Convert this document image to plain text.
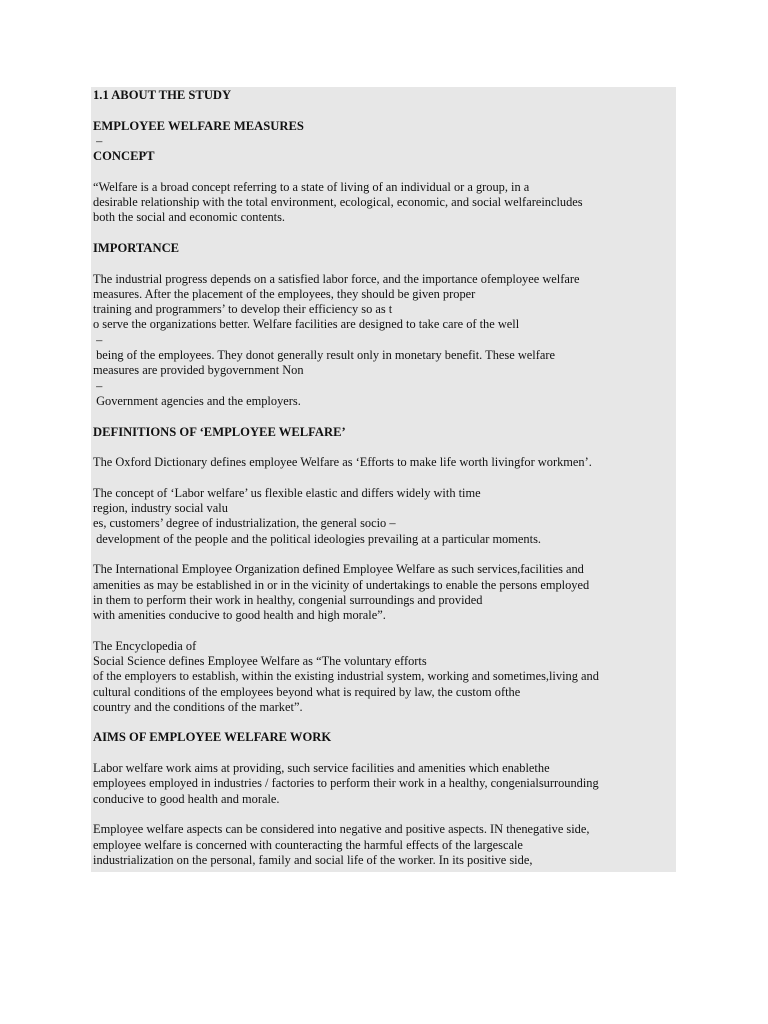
1.1 ABOUT THE STUDY
EMPLOYEE WELFARE MEASURES
–
CONCEPT
“Welfare is a broad concept referring to a state of living of an individual or a group, in a
desirable relationship with the total environment, ecological, economic, and social welfareincludes
both the social and economic contents.
IMPORTANCE
The industrial progress depends on a satisfied labor force, and the importance ofemployee welfare
measures. After the placement of the employees, they should be given proper
training and programmers’ to develop their efficiency so as t
o serve the organizations better. Welfare facilities are designed to take care of the well
–
being of the employees. They donot generally result only in monetary benefit. These welfare
measures are provided bygovernment Non
–
Government agencies and the employers.
DEFINITIONS OF ‘EMPLOYEE WELFARE’
The Oxford Dictionary defines employee Welfare as ‘Efforts to make life worth livingfor workmen’.
The concept of ‘Labor welfare’ us flexible elastic and differs widely with time
region, industry social valu
es, customers’ degree of industrialization, the general socio –
development of the people and the political ideologies prevailing at a particular moments.
The International Employee Organization defined Employee Welfare as such services,facilities and
amenities as may be established in or in the vicinity of undertakings to enable the persons employed
in them to perform their work in healthy, congenial surroundings and provided
with amenities conducive to good health and high morale”.
The Encyclopedia of
Social Science defines Employee Welfare as “The voluntary efforts
of the employers to establish, within the existing industrial system, working and sometimes,living and
cultural conditions of the employees beyond what is required by law, the custom ofthe
country and the conditions of the market”.
AIMS OF EMPLOYEE WELFARE WORK
Labor welfare work aims at providing, such service facilities and amenities which enablethe
employees employed in industries / factories to perform their work in a healthy, congenialsurrounding
conducive to good health and morale.
Employee welfare aspects can be considered into negative and positive aspects. IN thenegative side,
employee welfare is concerned with counteracting the harmful effects of the largescale
industrialization on the personal, family and social life of the worker. In its positive side,
